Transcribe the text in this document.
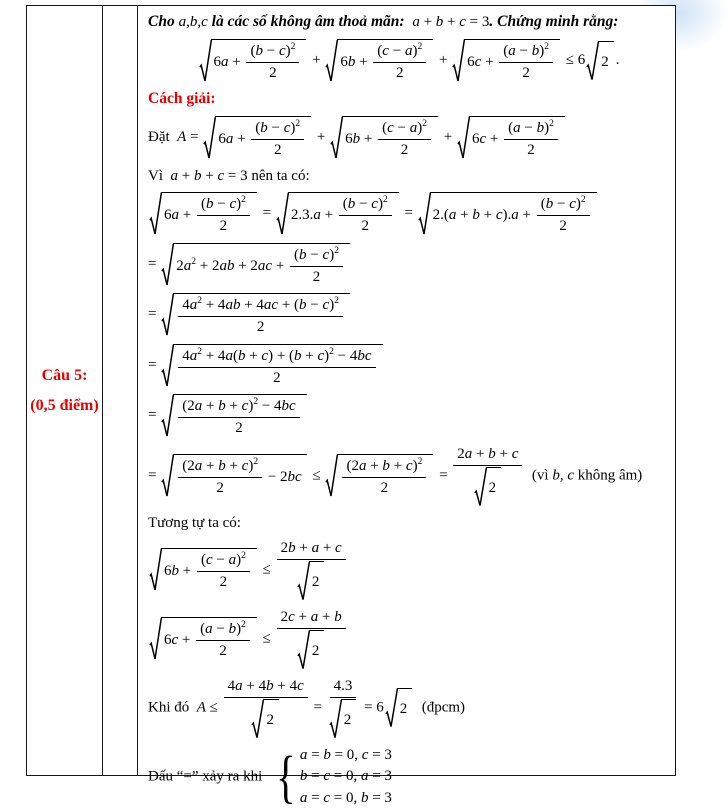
Câu 5:
(0,5 điểm)
Cho a,b,c là các số không âm thoả mãn:  a + b + c = 3. Chứng minh rằng:
$6a + \frac{(b - c)^2}{2} + 6b + \frac{(c - a)^2}{2} + 6c + \frac{(a - b)^2}{2} \le 6$ 2 .
Cách giải:
Đặt  $A = 6a + \frac{(b - c)^2}{2} + 6b + \frac{(c - a)^2}{2} + 6c + \frac{(a - b)^2}{2}$
Vì  a + b + c = 3 nên ta có:
$6a + \frac{(b - c)^2}{2} = 2.3.a + \frac{(b - c)^2}{2} = 2.(a + b + c).a + \frac{(b - c)^2}{2}$
= $2a^2 + 2ab + 2ac + \frac{(b - c)^2}{2}$
= $\frac{4a^2 + 4ab + 4ac + (b - c)^2}{2}$
= $\frac{4a^2 + 4a(b + c) + (b + c)^2 - 4bc}{2}$
= $\frac{(2a + b + c)^2 - 4bc}{2}$
= $\frac{(2a + b + c)^2}{2} - 2bc \le \frac{(2a + b + c)^2}{2} = \frac{2a + b + c}{2}$ (vì b, c không âm)
Tương tự ta có:
$6b + \frac{(c - a)^2}{2} \le \frac{2b + a + c}{2}$
$6c + \frac{(a - b)^2}{2} \le \frac{2c + a + b}{2}$
Khi đó  $A \le \frac{4a + 4b + 4c}{2} = \frac{4.3}{2} = 6$ 2 (đpcm)
Dấu “=” xảy ra khi { a = b = 0, c = 3
b = c = 0, a = 3
a = c = 0, b = 3
